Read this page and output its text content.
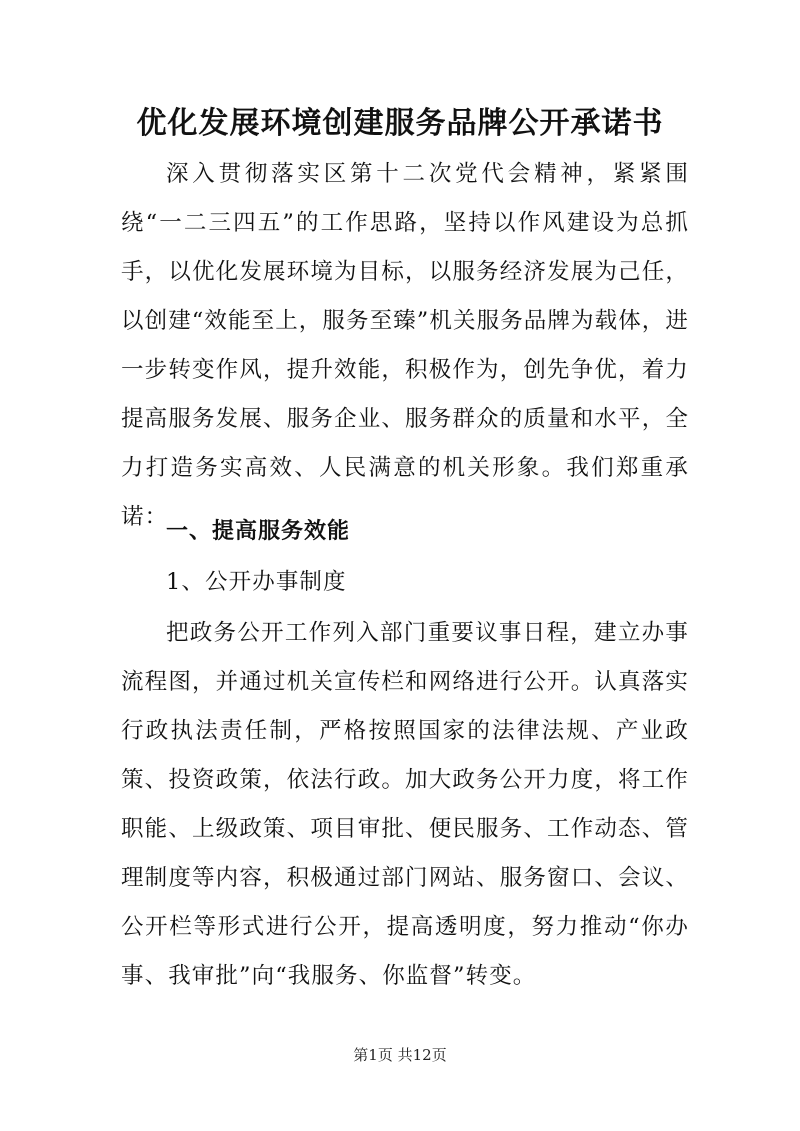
优化发展环境创建服务品牌公开承诺书

深入贯彻落实区第十二次党代会精神，紧紧围绕“一二三四五”的工作思路，坚持以作风建设为总抓手，以优化发展环境为目标，以服务经济发展为己任，以创建“效能至上，服务至臻”机关服务品牌为载体，进一步转变作风，提升效能，积极作为，创先争优，着力提高服务发展、服务企业、服务群众的质量和水平，全力打造务实高效、人民满意的机关形象。我们郑重承诺：

一、提高服务效能
1、公开办事制度

把政务公开工作列入部门重要议事日程，建立办事流程图，并通过机关宣传栏和网络进行公开。认真落实行政执法责任制，严格按照国家的法律法规、产业政策、投资政策，依法行政。加大政务公开力度，将工作职能、上级政策、项目审批、便民服务、工作动态、管理制度等内容，积极通过部门网站、服务窗口、会议、公开栏等形式进行公开，提高透明度，努力推动“你办事、我审批”向“我服务、你监督”转变。

第1页 共12页
